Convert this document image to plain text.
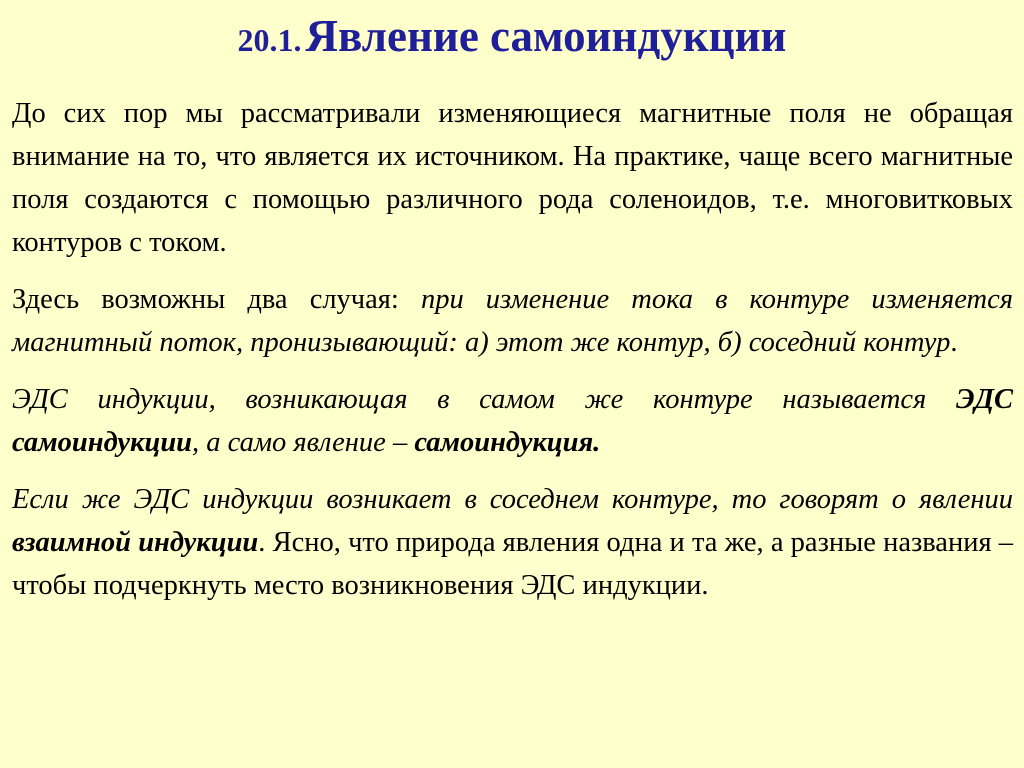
20.1. Явление самоиндукции

До сих пор мы рассматривали изменяющиеся магнитные поля не обращая внимание на то, что является их источником. На практике, чаще всего магнитные поля создаются с помощью различного рода соленоидов, т.е. многовитковых контуров с током.

Здесь возможны два случая: при изменение тока в контуре изменяется магнитный поток, пронизывающий: а) этот же контур, б) соседний контур.

ЭДС индукции, возникающая в самом же контуре называется ЭДС самоиндукции, а само явление – самоиндукция.

Если же ЭДС индукции возникает в соседнем контуре, то говорят о явлении взаимной индукции. Ясно, что природа явления одна и та же, а разные названия – чтобы подчеркнуть место возникновения ЭДС индукции.
